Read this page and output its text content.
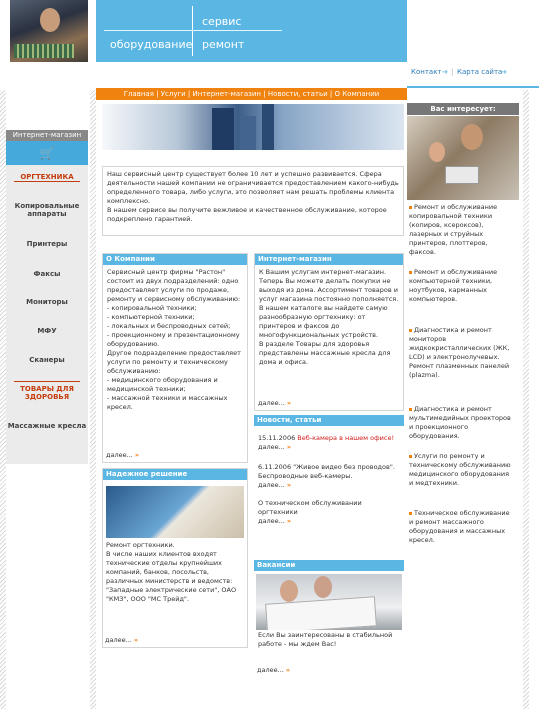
сервис
оборудование ремонт
Контакт ➔ | Карта сайта
➔
Главная | Услуги | Интернет-магазин | Новости, статьи | О Компании
Интернет-магазин
🛒
ОРГТЕХНИКА
Копировальные аппараты
Принтеры
Факсы
Мониторы
МФУ
Сканеры
ТОВАРЫ ДЛЯ ЗДОРОВЬЯ
Массажные кресла
Наш сервисный центр существует более 10 лет и успешно развивается. Сфера деятельности нашей компании не ограничивается предоставлением какого-нибудь определенного товара, либо услуги, это позволяет нам решать проблемы клиента комплексно.
В нашем сервисе вы получите вежливое и качественное обслуживание, которое подкреплено гарантией.
О Компании
Сервисный центр фирмы "Растон" состоит из двух подразделений: одно предоставляет услуги по продаже, ремонту и сервисному обслуживанию:
- копировальной техники;
- компьютерной техники;
- локальных и беспроводных сетей;
- проекционному и презентационному оборудованию.
Другое подразделение предоставляет услуги по ремонту и техническому обслуживанию:
- медицинского оборудования и медицинской техники;
- массажной техники и массажных кресел.
далее... »
Интернет-магазин
К Вашим услугам интернет-магазин. Теперь Вы можете делать покупки не выходя из дома. Ассортимент товаров и услуг магазина постоянно пополняется. В нашем каталоге вы найдете самую разнообразную оргтехнику: от принтеров и факсов до многофункциональных устройств.
В разделе Товары для здоровья представлены массажные кресла для дома и офиса.
далее... »
Надежное решение
Ремонт оргтехники.
В числе наших клиентов входят технические отделы крупнейших компаний, банков, посольств, различных министерств и ведомств: "Западные электрические сети", ОАО "КМЗ", ООО "МС Трейд".
далее... »
Новости, статьи
15.11.2006 Веб-камера в нашем офисе!
далее... »
6.11.2006 "Живое видео без проводов". Беспроводные веб-камеры.
далее... »
О техническом обслуживании оргтехники
далее... »
Вакансии
Если Вы заинтересованы в стабильной работе - мы ждем Вас!
далее... »
Вас интересует:
Ремонт и обслуживание копировальной техники (копиров, ксероксов), лазерных и струйных принтеров, плоттеров, факсов.
Ремонт и обслуживание компьютерной техники, ноутбуков, карманных компьютеров.
Диагностика и ремонт мониторов жидкокристаллических (ЖК, LCD) и электронолучевых. Ремонт плазменных панелей (plazma).
Диагностика и ремонт мультимедийных проекторов и проекционного оборудования.
Услуги по ремонту и техническому обслуживанию медицинского оборудования и медтехники.
Техническое обслуживание и ремонт массажного оборудования и массажных кресел.
